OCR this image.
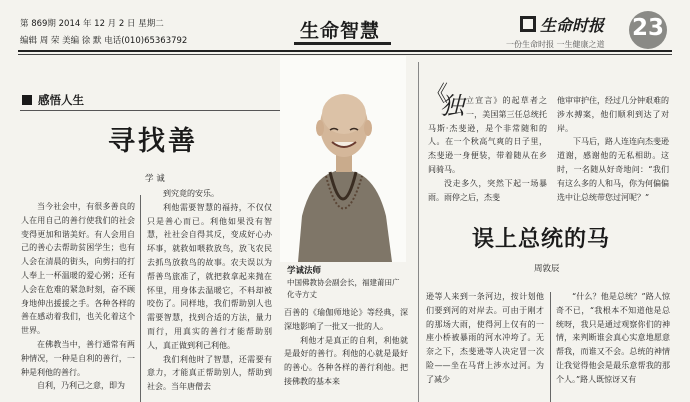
第 869期 2014 年 12 月 2 日 星期二
编辑 周 荣 美编 徐 默 电话(010)65363792	生命智慧	生命时报 23
一份生命时报 一生健康之道
感悟人生
寻找善
学 诚

当今社会中，有很多善良的人在用自己的善行使我们的社会变得更加和谐美好。有人会用自己的善心去帮助贫困学生；也有人会在清晨的街头，向剪扫的打人奉上一杯温暖的爱心粥；还有人会在危难的紧急时刻，奋不顾身地伸出援援之手。各种各样的善在感动着我们，也关化着这个世界。

在佛教当中，善行通常有两种情况，一种是自利的善行，一种是利他的善行。

自利，乃利己之意，即为

到究竟的安乐。

利他需要智慧的福持，不仅仅只是善心而已。利他如果没有智慧，社社会自得其反，变成好心办坏事，就救如喂救放鸟，放飞农民去抓鸟放救鸟的故事。农夫误以为帮善鸟旅准了，就把救拿起来抛在怀里，用身体去温暖它，不料却被咬伤了。同样地，我们帮助别人也需要智慧，找到合适的方法，量力而行，用真实的善行才能帮助别人，真正做到利己利他。

我们利他时了智慧，还需要有意力，才能真正帮助别人，帮助到社会。当年唐僧去

学诚法师
中国佛教协会副会长，福建莆田广化寺方丈

百善的《瑜伽师地论》等经典，深深地影响了一批又一批的人。

利他才是真正的自利，利他就是最好的善行。利他的心就是最好的善心。各种各样的善行利他。把接佛教的基本来

《
独 立宣言》的起草者之一，美国第三任总统托马斯·杰斐逊，是个非常随和的人。在一个秋高气爽的日子里，杰斐逊一身便装，带着随从在乡间骑马。

没走多久，突然下起一场暴雨。雨停之后，杰斐

他审审护住，经过几分钟艰难的涉水搏案，他们顺利到达了对岸。

下马后，路人连连向杰斐逊道谢，感谢他的无私相助。这时，一名随从好奇地问：“我们有这么多的人和马，你为何偏偏选中让总统带您过河呢？”

误上总统的马
周敦辰

逊等人来到一条河边，按计划他们要到河的对岸去。可由于刚才的那场大雨，使得河上仅有的一座小桥被暴雨的河水冲垮了。无奈之下，杰斐逊等人决定冒一次险——坐在马背上涉水过河。为了减少

“什么？他是总统？”路人惊奇不已，“我根本不知道他是总统呀，我只是通过观察你们的神情，来判断谁会真心实意地愿意帮我，而谁又不会。总统的神情让我觉得他会是最乐意帮我的那个人。”路人既惊讶又有
